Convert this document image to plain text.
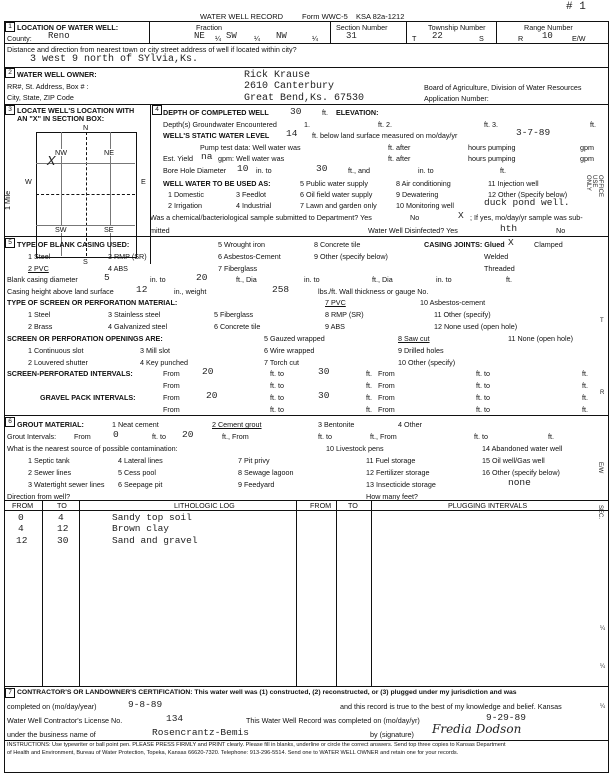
# 1
WATER WELL RECORD	Form WWC-5 KSA 82a-1212
1 LOCATION OF WATER WELL:
County: Reno
Fraction
NE ¼ SW ¼ NW	¼
Section Number
31
Township Number
T 22	S
Range Number
R 10	E/W
Distance and direction from nearest town or city street address of well if located within city?
3 west 9 north of SYlvia,Ks.
2 WATER WELL OWNER:	Rick Krause
RR#, St. Address, Box # :	2610 Canterbury	Board of Agriculture, Division of Water Resources
City, State, ZIP Code	Great Bend,Ks. 67530	Application Number:
3 LOCATE WELL'S LOCATION WITH
AN "X" IN SECTION BOX:
N
NW	NE
SW	SE
X
W	E
S
1 Mile
4 DEPTH OF COMPLETED WELL 30	ft. ELEVATION:
Depth(s) Groundwater Encountered	1.	ft. 2.	ft. 3.	ft.
WELL'S STATIC WATER LEVEL 14 ft. below land surface measured on mo/day/yr	3-7-89
Pump test data: Well water was	ft. after	hours pumping	gpm
Est. Yield na gpm: Well water was	ft. after	hours pumping	gpm
Bore Hole Diameter 10 in. to	30	ft., and	in. to	ft.
WELL WATER TO BE USED AS:	5 Public water supply	8 Air conditioning	11 Injection well
1 Domestic	3 Feedlot	6 Oil field water supply	9 Dewatering	12 Other (Specify below)
2 Irrigation	4 Industrial	7 Lawn and garden only	10 Monitoring well	duck pond well.
Was a chemical/bacteriological sample submitted to Department? Yes	No	X ; If yes, mo/day/yr sample was sub-
mitted	Water Well Disinfected? Yes	hth	No
5 TYPE OF BLANK CASING USED:	5 Wrought iron	8 Concrete tile	CASING JOINTS: Glued X	Clamped
1 Steel	3 RMP (SR)	6 Asbestos-Cement	9 Other (specify below)	Welded
2 PVC	4 ABS	7 Fiberglass	Threaded
Blank casing diameter	5	in. to	20	ft., Dia	in. to	ft., Dia	in. to	ft.
Casing height above land surface 12	in., weight	258	lbs./ft. Wall thickness or gauge No.
TYPE OF SCREEN OR PERFORATION MATERIAL:	7 PVC	10 Asbestos-cement
1 Steel	3 Stainless steel	5 Fiberglass	8 RMP (SR)	11 Other (specify)
2 Brass	4 Galvanized steel	6 Concrete tile	9 ABS	12 None used (open hole)
SCREEN OR PERFORATION OPENINGS ARE:	5 Gauzed wrapped	8 Saw cut	11 None (open hole)
1 Continuous slot	3 Mill slot	6 Wire wrapped	9 Drilled holes
2 Louvered shutter	4 Key punched	7 Torch cut	10 Other (specify)
SCREEN-PERFORATED INTERVALS:	From 20	ft. to	30	ft. From	ft. to	ft.
From	ft. to	ft. From	ft. to	ft.
GRAVEL PACK INTERVALS:	From	20	ft. to	30	ft. From	ft. to	ft.
From	ft. to	ft. From	ft. to	ft.
6 GROUT MATERIAL:	1 Neat cement	2 Cement grout	3 Bentonite	4 Other
Grout Intervals: From 0	ft. to 20	ft., From	ft. to	ft., From	ft. to	ft.
What is the nearest source of possible contamination:	10 Livestock pens	14 Abandoned water well
1 Septic tank	4 Lateral lines	7 Pit privy	11 Fuel storage	15 Oil well/Gas well
2 Sewer lines	5 Cess pool	8 Sewage lagoon	12 Fertilizer storage	16 Other (specify below)
3 Watertight sewer lines 6 Seepage pit	9 Feedyard	13 Insecticide storage	none
Direction from well?	How many feet?
FROM	TO	LITHOLOGIC LOG	FROM TO	PLUGGING INTERVALS
0	4	Sandy top soil
4	12	Brown clay
12	30	Sand and gravel
7 CONTRACTOR'S OR LANDOWNER'S CERTIFICATION: This water well was (1) constructed, (2) reconstructed, or (3) plugged under my jurisdiction and was
completed on (mo/day/year)	9-8-89	and this record is true to the best of my knowledge and belief. Kansas
Water Well Contractor's License No.	134	This Water Well Record was completed on (mo/day/yr)	9-29-89
under the business name of	Rosencrantz-Bemis	by (signature) Fredia Dodson
INSTRUCTIONS: Use typewriter or ball point pen. PLEASE PRESS FIRMLY and PRINT clearly. Please fill in blanks, underline or circle the correct answers. Send top three copies to Kansas Department
of Health and Environment, Bureau of Water Protection, Topeka, Kansas 66620-7320. Telephone: 913-296-5514. Send one to WATER WELL OWNER and retain one for your records.
OFFICE USE ONLY
T
R
E/W
SEC.
¼
¼
¼
